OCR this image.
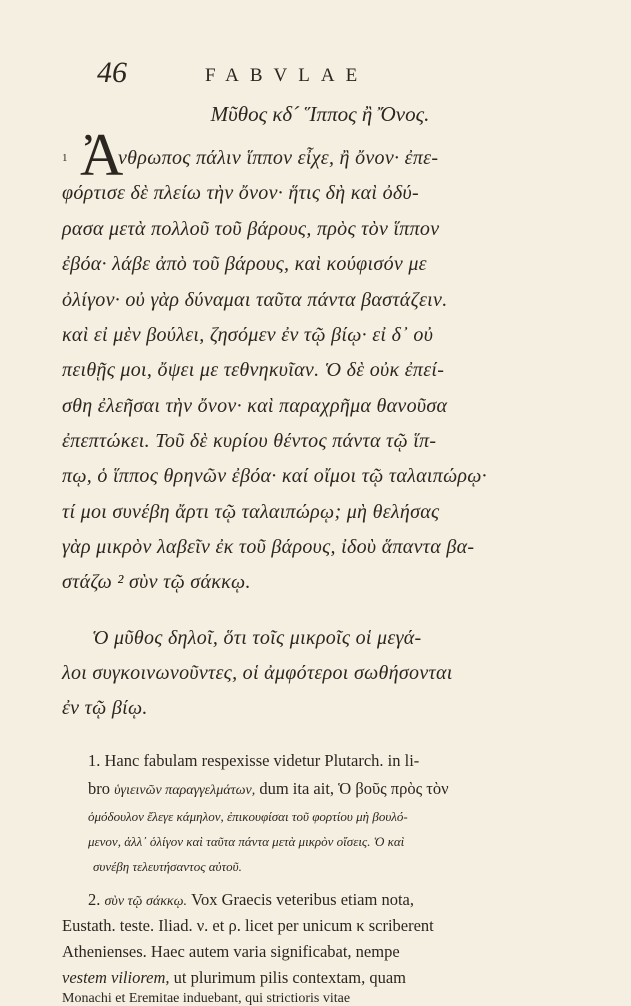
46	FABVLAE
Μῦθος κδ´ Ἵππος ἢ Ὄνος.
1 Ἀ
νθρωπος πάλιν ἵππον εἶχε, ἢ ὄνον· ἐπε-
φόρτισε δὲ πλείω τὴν ὄνον· ἥτις δὴ καὶ ὀδύ-
ρασα μετὰ πολλοῦ τοῦ βάρους, πρὸς τὸν ἵππον
ἐβόα· λάβε ἀπὸ τοῦ βάρους, καὶ κούφισόν με
ὀλίγον· οὐ γὰρ δύναμαι ταῦτα πάντα βαστάζειν.
καὶ εἰ μὲν βούλει, ζησόμεν ἐν τῷ βίῳ· εἰ δ᾽ οὐ
πειθῇς μοι, ὄψει με τεθνηκυῖαν. Ὁ δὲ οὐκ ἐπεί-
σθη ἐλεῆσαι τὴν ὄνον· καὶ παραχρῆμα θανοῦσα
ἐπεπτώκει. Τοῦ δὲ κυρίου θέντος πάντα τῷ ἵπ-
πῳ, ὁ ἵππος θρηνῶν ἐβόα· καί οἴμοι τῷ ταλαιπώρῳ·
τί μοι συνέβη ἄρτι τῷ ταλαιπώρῳ; μὴ θελήσας
γὰρ μικρὸν λαβεῖν ἐκ τοῦ βάρους, ἰδοὺ ἅπαντα βα-
στάζω ² σὺν τῷ σάκκῳ.
Ὁ μῦθος δηλοῖ, ὅτι τοῖς μικροῖς οἱ μεγά-
λοι συγκοινωνοῦντες, οἱ ἀμφότεροι σωθήσονται
ἐν τῷ βίῳ.
1. Hanc fabulam respexisse videtur Plutarch. in li-
bro ὑγιεινῶν παραγγελμάτων, dum ita ait, Ὁ βοῦς πρὸς τὸν
ὁμόδουλον ἔλεγε κάμηλον, ἐπικουφίσαι τοῦ φορτίου μὴ βουλό-
μενον, ἀλλ᾽ ὁλίγον καὶ ταῦτα πάντα μετὰ μικρὸν οἴσεις. Ὁ καὶ
συνέβη τελευτήσαντος αὐτοῦ.
2. σὺν τῷ σάκκῳ. Vox Graecis veteribus etiam nota,
Eustath. teste. Iliad. ν. et ρ. licet per unicum κ scriberent
Athenienses. Haec autem varia significabat, nempe
vestem viliorem, ut plurimum pilis contextam, quam
Monachi et Eremitae induebant, qui strictioris vitae
